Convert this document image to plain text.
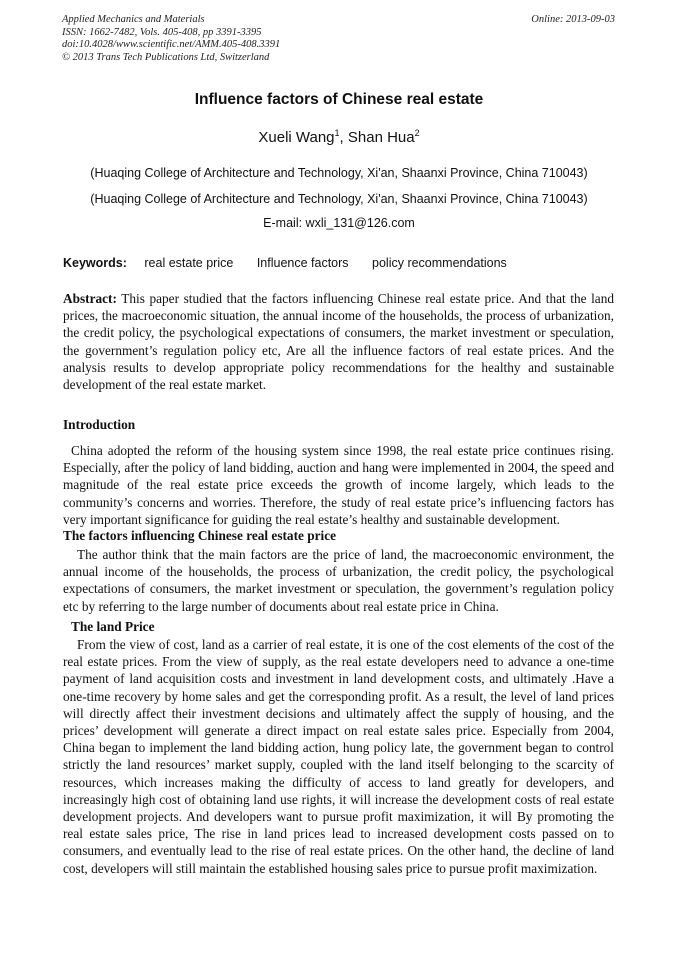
Applied Mechanics and Materials
ISSN: 1662-7482, Vols. 405-408, pp 3391-3395
doi:10.4028/www.scientific.net/AMM.405-408.3391
© 2013 Trans Tech Publications Ltd, Switzerland
Online: 2013-09-03
Influence factors of Chinese real estate
Xueli Wang$^1$, Shan Hua$^2$
(Huaqing College of Architecture and Technology, Xi'an, Shaanxi Province, China 710043)
(Huaqing College of Architecture and Technology, Xi'an, Shaanxi Province, China 710043)
E-mail: wxli_131@126.com
Keywords: real estate price Influence factors policy recommendations
Abstract: This paper studied that the factors influencing Chinese real estate price. And that the land prices, the macroeconomic situation, the annual income of the households, the process of urbanization, the credit policy, the psychological expectations of consumers, the market investment or speculation, the government’s regulation policy etc, Are all the influence factors of real estate prices. And the analysis results to develop appropriate policy recommendations for the healthy and sustainable development of the real estate market.
Introduction
China adopted the reform of the housing system since 1998, the real estate price continues rising. Especially, after the policy of land bidding, auction and hang were implemented in 2004, the speed and magnitude of the real estate price exceeds the growth of income largely, which leads to the community’s concerns and worries. Therefore, the study of real estate price’s influencing factors has very important significance for guiding the real estate’s healthy and sustainable development.
The factors influencing Chinese real estate price
The author think that the main factors are the price of land, the macroeconomic environment, the annual income of the households, the process of urbanization, the credit policy, the psychological expectations of consumers, the market investment or speculation, the government’s regulation policy etc by referring to the large number of documents about real estate price in China.
The land Price
From the view of cost, land as a carrier of real estate, it is one of the cost elements of the cost of the real estate prices. From the view of supply, as the real estate developers need to advance a one-time payment of land acquisition costs and investment in land development costs, and ultimately .Have a one-time recovery by home sales and get the corresponding profit. As a result, the level of land prices will directly affect their investment decisions and ultimately affect the supply of housing, and the prices’ development will generate a direct impact on real estate sales price. Especially from 2004, China began to implement the land bidding action, hung policy late, the government began to control strictly the land resources’ market supply, coupled with the land itself belonging to the scarcity of resources, which increases making the difficulty of access to land greatly for developers, and increasingly high cost of obtaining land use rights, it will increase the development costs of real estate development projects. And developers want to pursue profit maximization, it will By promoting the real estate sales price, The rise in land prices lead to increased development costs passed on to consumers, and eventually lead to the rise of real estate prices. On the other hand, the decline of land cost, developers will still maintain the established housing sales price to pursue profit maximization.
